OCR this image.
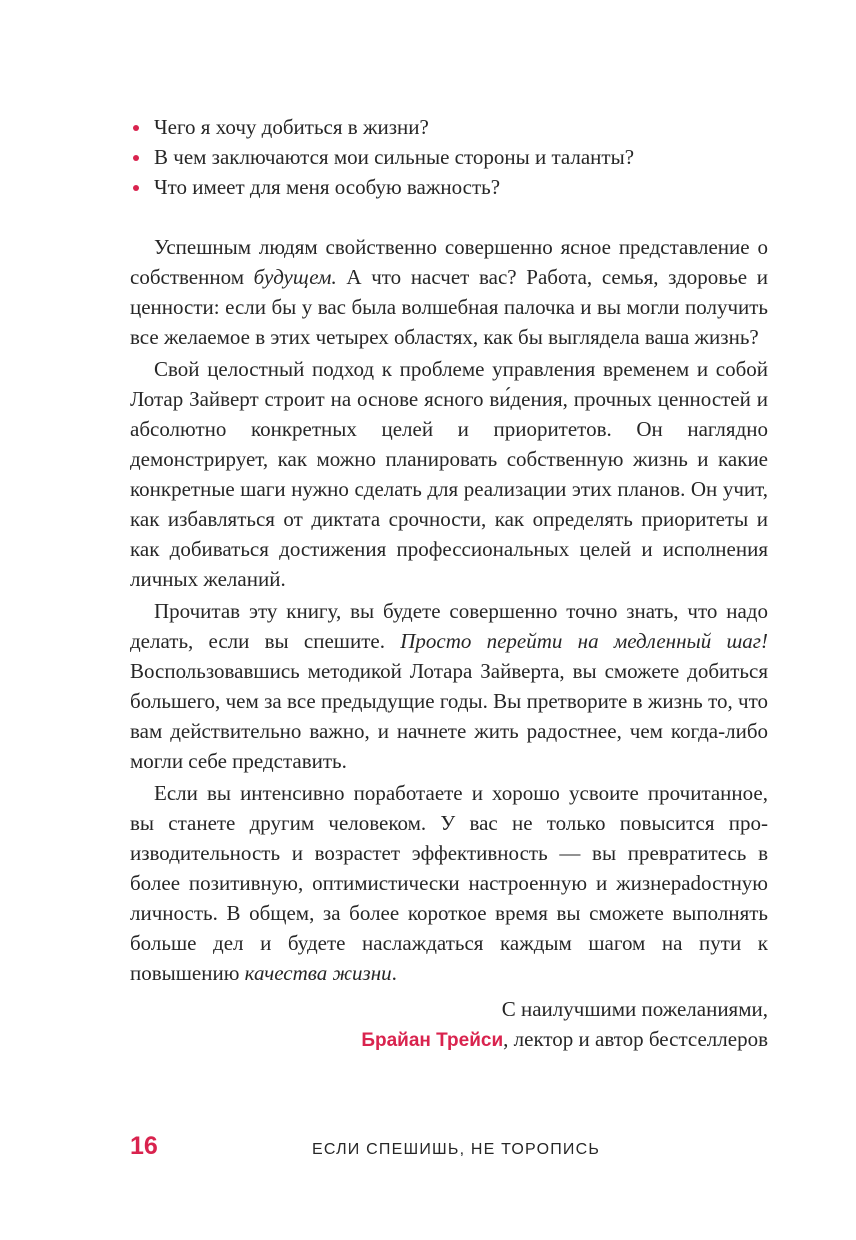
Чего я хочу добиться в жизни?
В чем заключаются мои сильные стороны и таланты?
Что имеет для меня особую важность?

Успешным людям свойственно совершенно ясное представление о собственном будущем. А что насчет вас? Работа, семья, здоровье и ценности: если бы у вас была волшебная палочка и вы могли получить все желаемое в этих четырех областях, как бы выглядела ваша жизнь?

Свой целостный подход к проблеме управления временем и собой Лотар Зайверт строит на основе ясного ви́дения, прочных ценностей и абсолютно конкретных целей и приоритетов. Он наглядно демонстрирует, как можно планировать собственную жизнь и какие конкретные шаги нужно сделать для реализации этих планов. Он учит, как избавляться от диктата срочности, как определять приоритеты и как добиваться достижения профессиональных целей и исполнения личных желаний.

Прочитав эту книгу, вы будете совершенно точно знать, что надо делать, если вы спешите. Просто перейти на медленный шаг! Воспользовавшись методикой Лотара Зайверта, вы сможете добиться большего, чем за все предыдущие годы. Вы претворите в жизнь то, что вам действительно важно, и начнете жить радостнее, чем когда-либо могли себе представить.

Если вы интенсивно поработаете и хорошо усвоите прочитанное, вы станете другим человеком. У вас не только повысится производительность и возрастет эффективность — вы превратитесь в более позитивную, оптимистически настроенную и жизнераdостную личность. В общем, за более короткое время вы сможете выполнять больше дел и будете наслаждаться каждым шагом на пути к повышению качества жизни.

С наилучшими пожеланиями,
Брайан Трейси, лектор и автор бестселлеров
16	ЕСЛИ СПЕШИШЬ, НЕ ТОРОПИСЬ
